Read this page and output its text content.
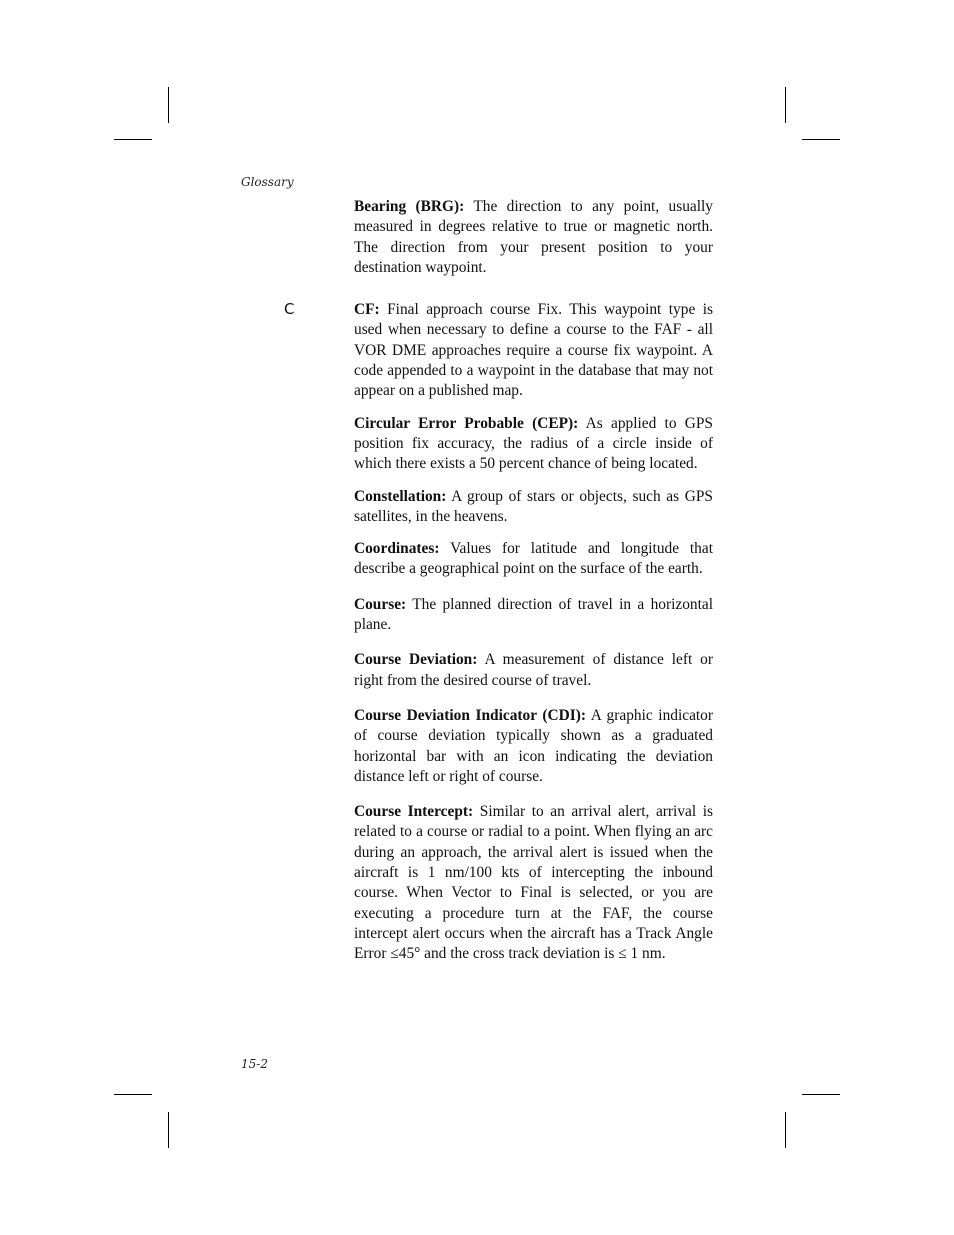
Glossary
C

Bearing (BRG): The direction to any point, usually measured in degrees relative to true or magnetic north. The direction from your present position to your destination waypoint.

CF: Final approach course Fix. This waypoint type is used when necessary to define a course to the FAF - all VOR DME approaches require a course fix waypoint. A code appended to a waypoint in the database that may not appear on a published map.

Circular Error Probable (CEP): As applied to GPS position fix accuracy, the radius of a circle inside of which there exists a 50 percent chance of being located.

Constellation: A group of stars or objects, such as GPS satellites, in the heavens.

Coordinates: Values for latitude and longitude that describe a geographical point on the surface of the earth.

Course: The planned direction of travel in a horizontal plane.

Course Deviation: A measurement of distance left or right from the desired course of travel.

Course Deviation Indicator (CDI): A graphic indicator of course deviation typically shown as a graduated horizontal bar with an icon indicating the deviation distance left or right of course.

Course Intercept: Similar to an arrival alert, arrival is related to a course or radial to a point. When flying an arc during an approach, the arrival alert is issued when the aircraft is 1 nm/100 kts of intercepting the inbound course. When Vector to Final is selected, or you are executing a procedure turn at the FAF, the course intercept alert occurs when the aircraft has a Track Angle Error ≤45° and the cross track deviation is ≤ 1 nm.

15-2
